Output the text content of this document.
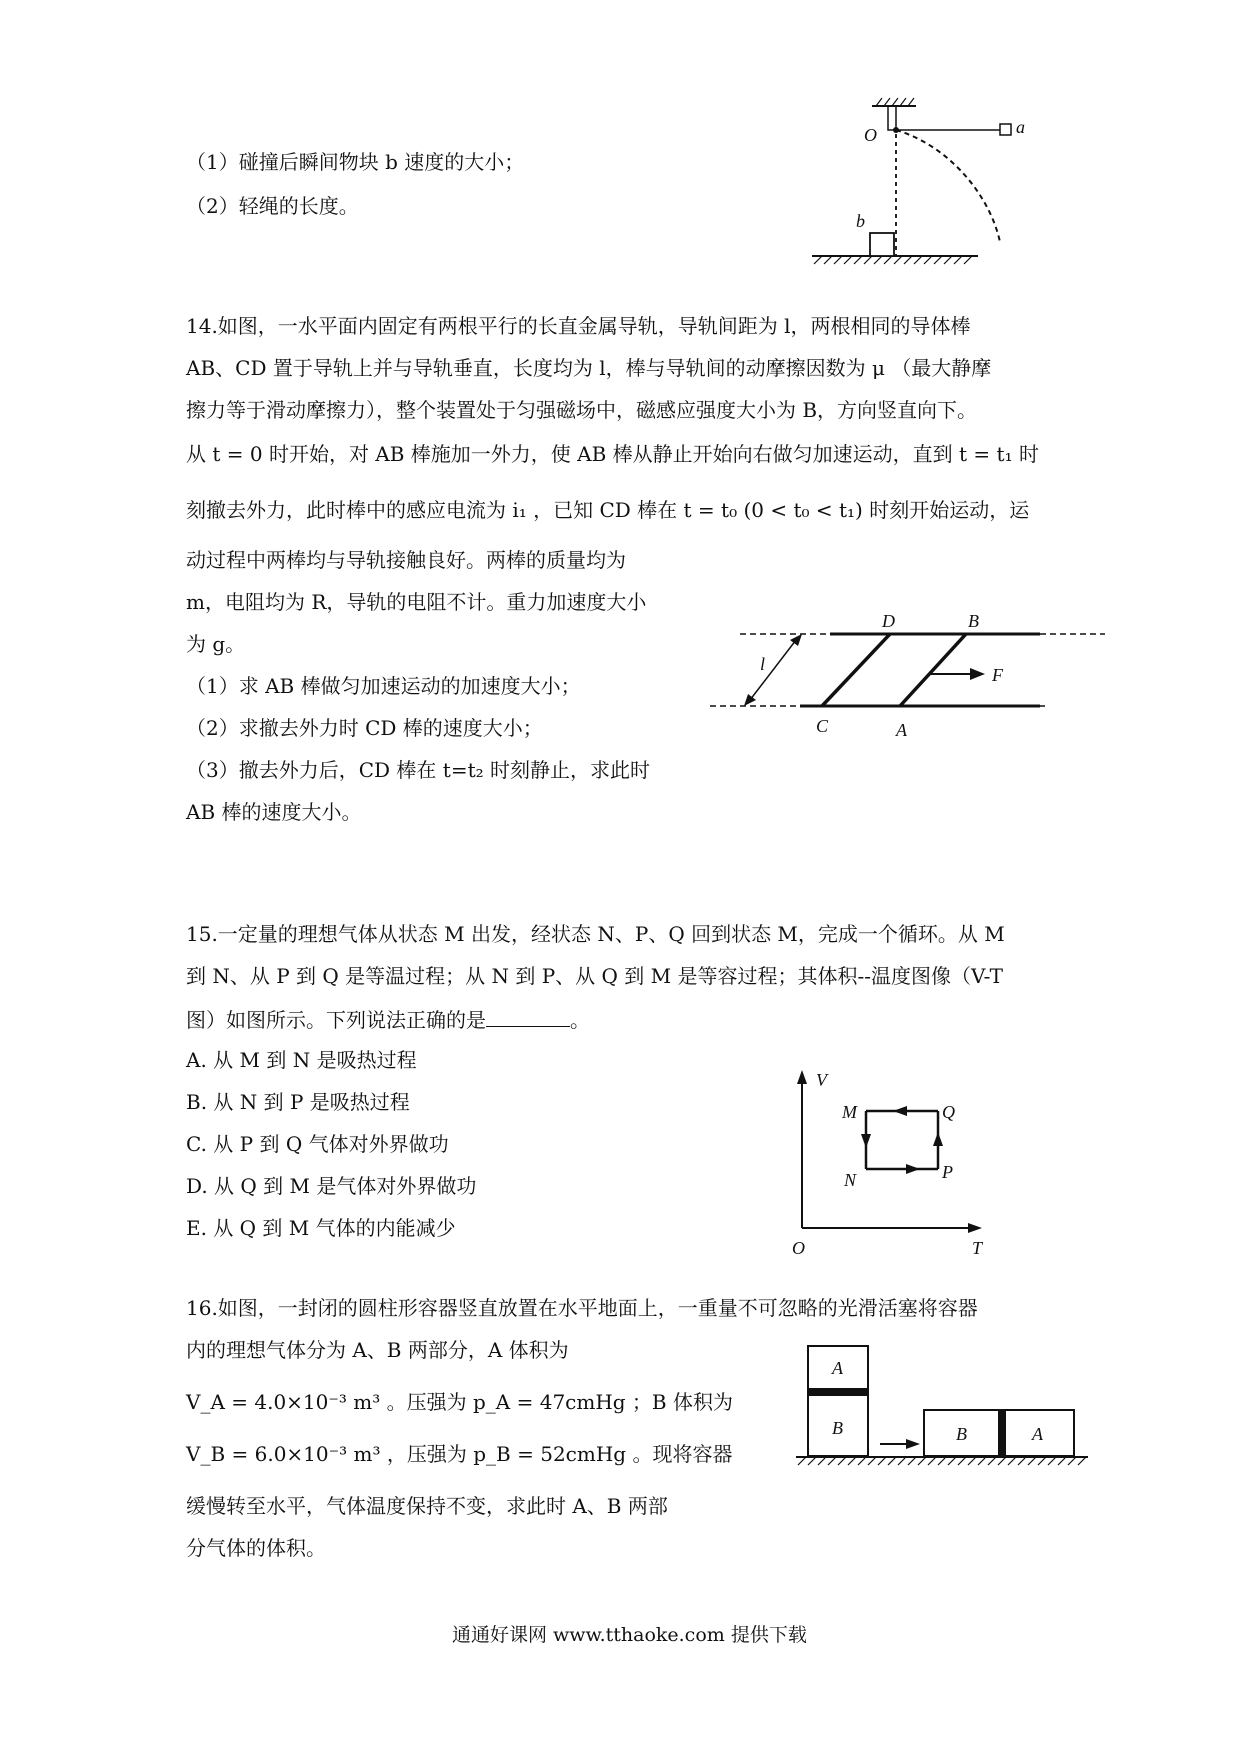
（1）碰撞后瞬间物块 b 速度的大小；
（2）轻绳的长度。
O	a
b
14.如图，一水平面内固定有两根平行的长直金属导轨，导轨间距为 l，两根相同的导体棒
AB、CD 置于导轨上并与导轨垂直，长度均为 l，棒与导轨间的动摩擦因数为 μ （最大静摩
擦力等于滑动摩擦力），整个装置处于匀强磁场中，磁感应强度大小为 B，方向竖直向下。
从 t = 0 时开始，对 AB 棒施加一外力，使 AB 棒从静止开始向右做匀加速运动，直到 t = t₁ 时
刻撤去外力，此时棒中的感应电流为 i₁ ，已知 CD 棒在 t = t₀ (0 < t₀ < t₁) 时刻开始运动，运
动过程中两棒均与导轨接触良好。两棒的质量均为
m，电阻均为 R，导轨的电阻不计。重力加速度大小
为 g。
（1）求 AB 棒做匀加速运动的加速度大小；
（2）求撤去外力时 CD 棒的速度大小；
（3）撤去外力后，CD 棒在 t=t₂ 时刻静止，求此时
AB 棒的速度大小。
D	B
C	A
F
l
15.一定量的理想气体从状态 M 出发，经状态 N、P、Q 回到状态 M，完成一个循环。从 M
到 N、从 P 到 Q 是等温过程；从 N 到 P、从 Q 到 M 是等容过程；其体积--温度图像（V-T
图）如图所示。下列说法正确的是	。
A. 从 M 到 N 是吸热过程
B. 从 N 到 P 是吸热过程
C. 从 P 到 Q 气体对外界做功
D. 从 Q 到 M 是气体对外界做功
E. 从 Q 到 M 气体的内能减少
V
T
O
M	Q
N	P
16.如图，一封闭的圆柱形容器竖直放置在水平地面上，一重量不可忽略的光滑活塞将容器
内的理想气体分为 A、B 两部分，A 体积为
V_A = 4.0×10⁻³ m³ 。压强为 p_A = 47cmHg ；B 体积为
V_B = 6.0×10⁻³ m³ ，压强为 p_B = 52cmHg 。现将容器
缓慢转至水平，气体温度保持不变，求此时 A、B 两部
分气体的体积。
A
B	B	A
通通好课网 www.tthaoke.com 提供下载
